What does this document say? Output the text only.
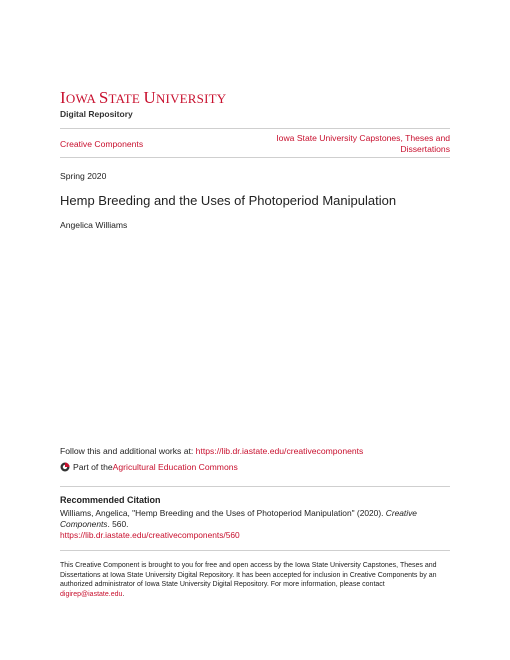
IOWA STATE UNIVERSITY
Digital Repository
Creative Components
Iowa State University Capstones, Theses and Dissertations
Spring 2020
Hemp Breeding and the Uses of Photoperiod Manipulation
Angelica Williams
Follow this and additional works at: https://lib.dr.iastate.edu/creativecomponents
Part of the Agricultural Education Commons
Recommended Citation
Williams, Angelica, "Hemp Breeding and the Uses of Photoperiod Manipulation" (2020). Creative Components. 560.
https://lib.dr.iastate.edu/creativecomponents/560
This Creative Component is brought to you for free and open access by the Iowa State University Capstones, Theses and Dissertations at Iowa State University Digital Repository. It has been accepted for inclusion in Creative Components by an authorized administrator of Iowa State University Digital Repository. For more information, please contact digirep@iastate.edu.
